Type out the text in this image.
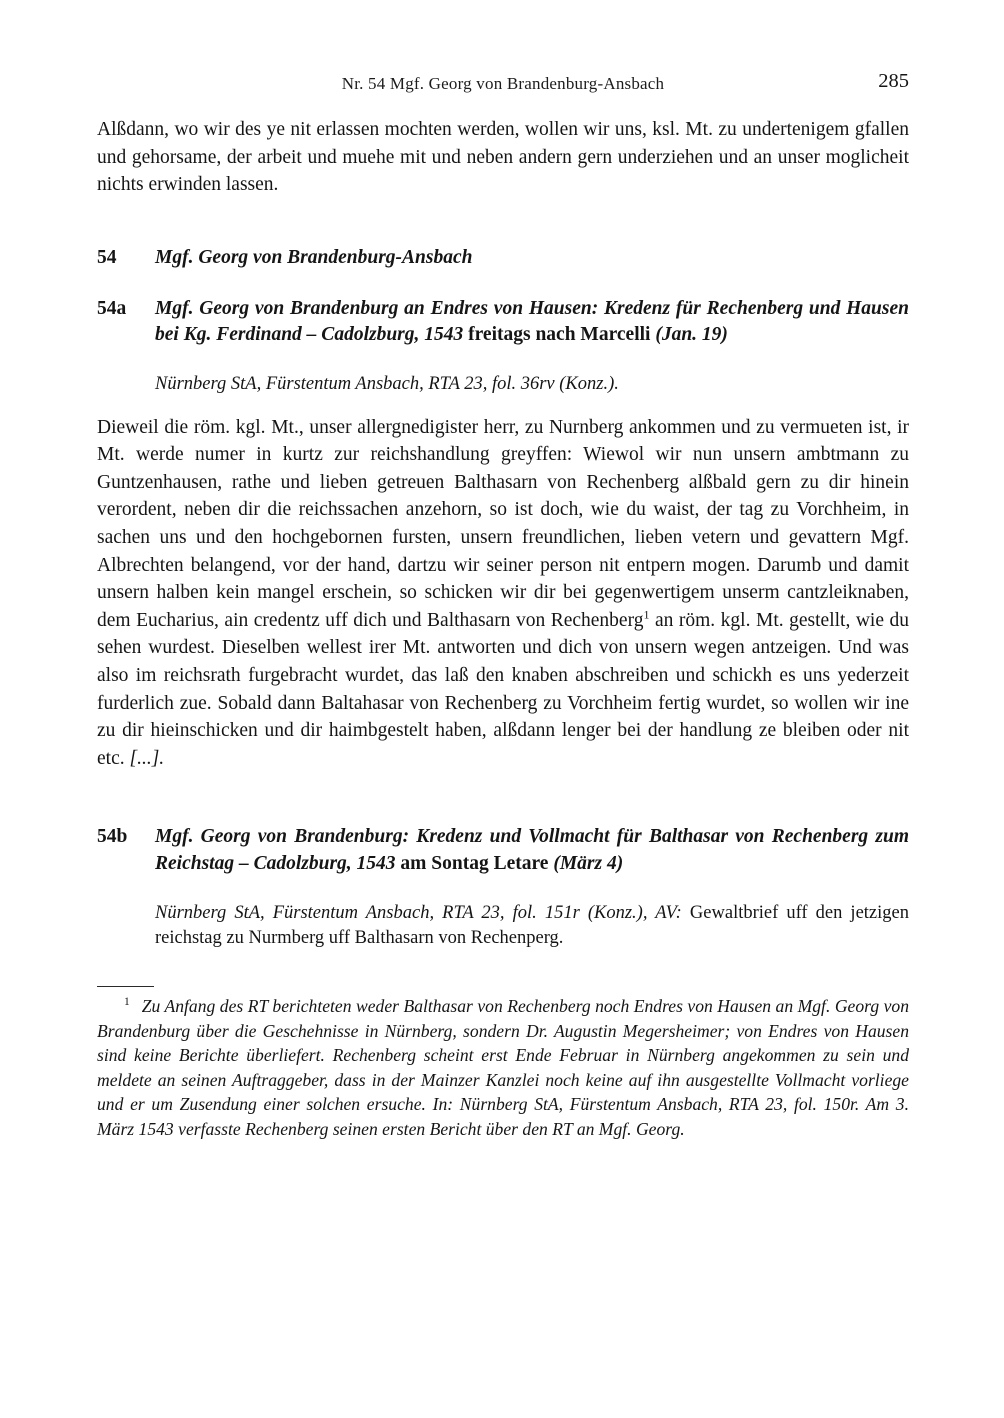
Nr. 54 Mgf. Georg von Brandenburg-Ansbach	285

Alßdann, wo wir des ye nit erlassen mochten werden, wollen wir uns, ksl. Mt. zu undertenigem gfallen und gehorsame, der arbeit und muehe mit und neben andern gern underziehen und an unser moglicheit nichts erwinden lassen.

54	Mgf. Georg von Brandenburg-Ansbach

54a	Mgf. Georg von Brandenburg an Endres von Hausen: Kredenz für Rechenberg und Hausen bei Kg. Ferdinand – Cadolzburg, 1543 freitags nach Marcelli (Jan. 19)

Nürnberg StA, Fürstentum Ansbach, RTA 23, fol. 36rv (Konz.).

Dieweil die röm. kgl. Mt., unser allergnedigister herr, zu Nurnberg ankommen und zu vermueten ist, ir Mt. werde numer in kurtz zur reichshandlung greyffen: Wiewol wir nun unsern ambtmann zu Guntzenhausen, rathe und lieben getreuen Balthasarn von Rechenberg alßbald gern zu dir hinein verordent, neben dir die reichssachen anzehorn, so ist doch, wie du waist, der tag zu Vorchheim, in sachen uns und den hochgebornen fursten, unsern freundlichen, lieben vetern und gevattern Mgf. Albrechten belangend, vor der hand, dartzu wir seiner person nit entpern mogen. Darumb und damit unsern halben kein mangel erschein, so schicken wir dir bei gegenwertigem unserm cantzleiknaben, dem Eucharius, ain credentz uff dich und Balthasarn von Rechenberg$^1$ an röm. kgl. Mt. gestellt, wie du sehen wurdest. Dieselben wellest irer Mt. antworten und dich von unsern wegen antzeigen. Und was also im reichsrath furgebracht wurdet, das laß den knaben abschreiben und schickh es uns yederzeit furderlich zue. Sobald dann Baltahasar von Rechenberg zu Vorchheim fertig wurdet, so wollen wir ine zu dir hieinschicken und dir haimbgestelt haben, alßdann lenger bei der handlung ze bleiben oder nit etc. [...].

54b	Mgf. Georg von Brandenburg: Kredenz und Vollmacht für Balthasar von Rechenberg zum Reichstag – Cadolzburg, 1543 am Sontag Letare (März 4)

Nürnberg StA, Fürstentum Ansbach, RTA 23, fol. 151r (Konz.), AV: Gewaltbrief uff den jetzigen reichstag zu Nurmberg uff Balthasarn von Rechenperg.

$^1$ Zu Anfang des RT berichteten weder Balthasar von Rechenberg noch Endres von Hausen an Mgf. Georg von Brandenburg über die Geschehnisse in Nürnberg, sondern Dr. Augustin Megersheimer; von Endres von Hausen sind keine Berichte überliefert. Rechenberg scheint erst Ende Februar in Nürnberg angekommen zu sein und meldete an seinen Auftraggeber, dass in der Mainzer Kanzlei noch keine auf ihn ausgestellte Vollmacht vorliege und er um Zusendung einer solchen ersuche. In: Nürnberg StA, Fürstentum Ansbach, RTA 23, fol. 150r. Am 3. März 1543 verfasste Rechenberg seinen ersten Bericht über den RT an Mgf. Georg.
